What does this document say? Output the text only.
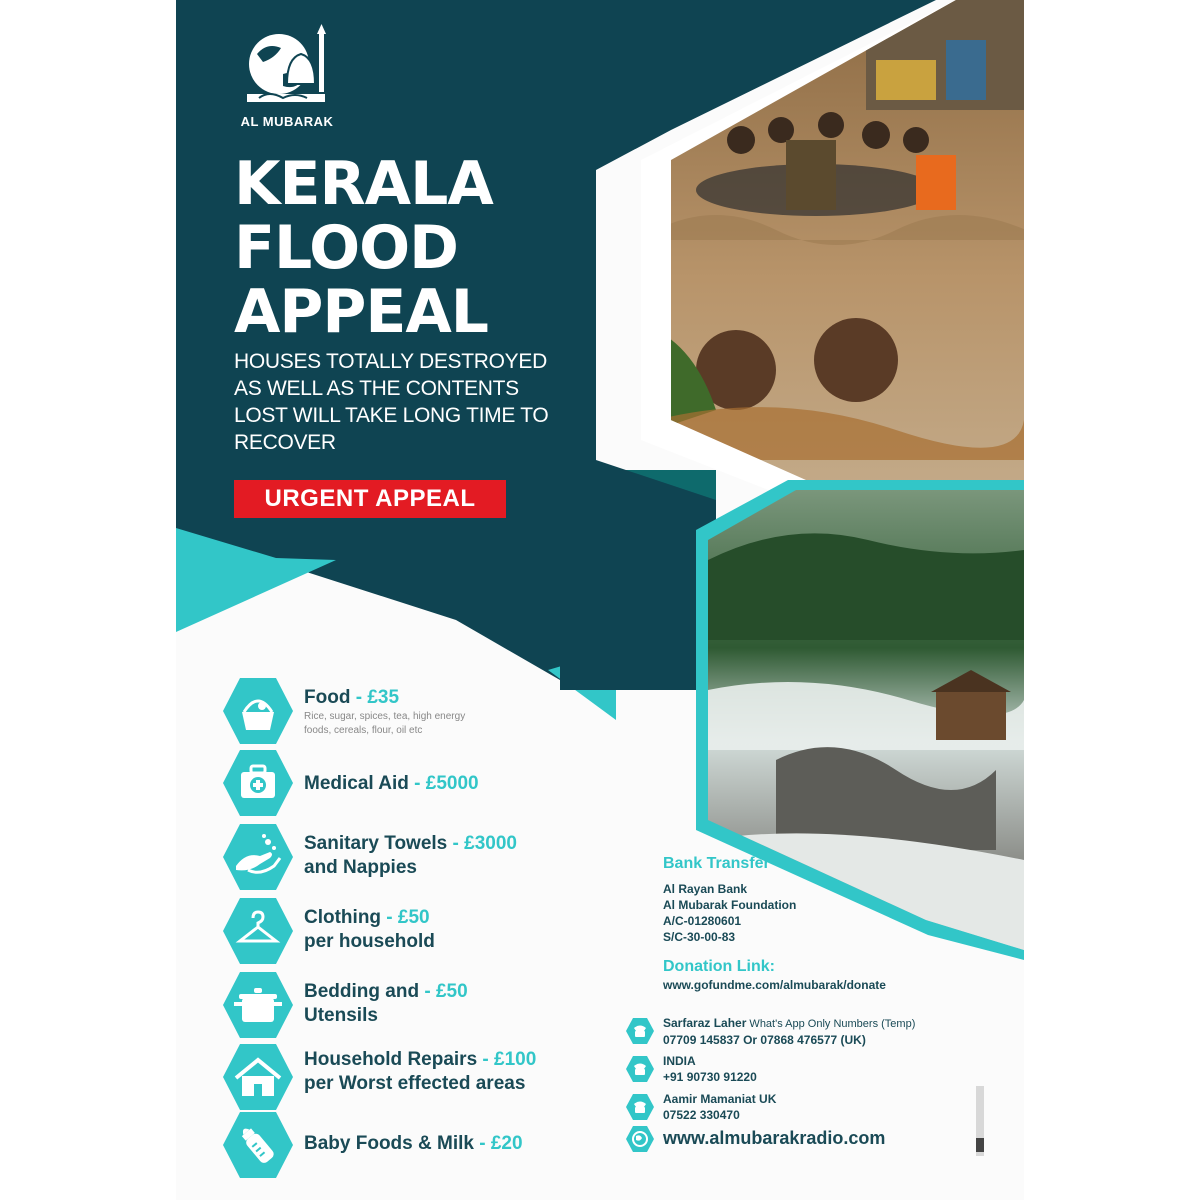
AL MUBARAK
KERALA
FLOOD
APPEAL
HOUSES TOTALLY DESTROYED AS WELL AS THE CONTENTS LOST WILL TAKE LONG TIME TO RECOVER
URGENT APPEAL
Food - £35
Rice, sugar, spices, tea, high energy foods, cereals, flour, oil etc
Medical Aid - £5000
Sanitary Towels - £3000
and Nappies
Clothing - £50
per household
Bedding and - £50
Utensils
Household Repairs - £100
per Worst effected areas
Baby Foods & Milk - £20
Bank Transfer
Al Rayan Bank
Al Mubarak Foundation
A/C-01280601
S/C-30-00-83
Donation Link:
www.gofundme.com/almubarak/donate
Sarfaraz Laher What's App Only Numbers (Temp)
07709 145837 Or 07868 476577 (UK)
INDIA
+91 90730 91220
Aamir Mamaniat UK
07522 330470
www.almubarakradio.com
